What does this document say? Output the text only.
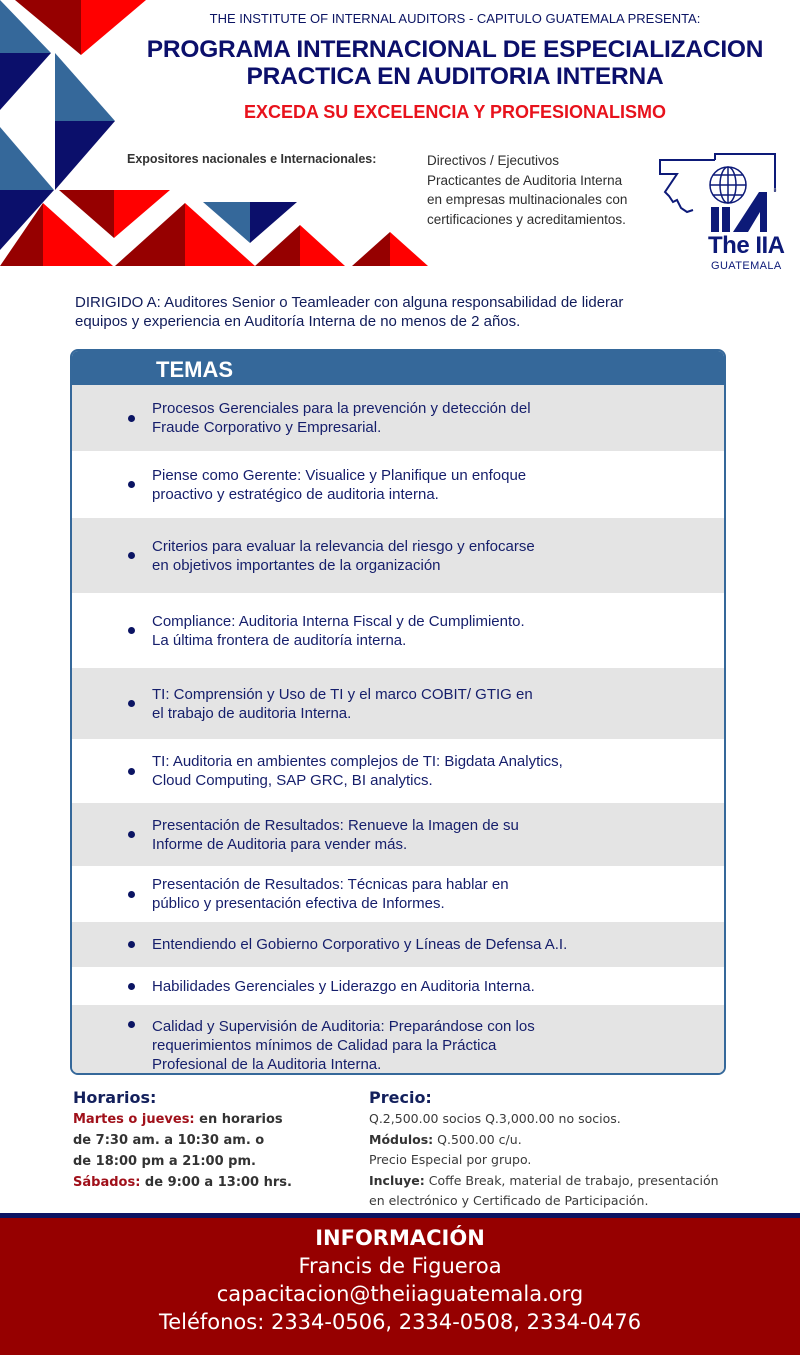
THE INSTITUTE OF INTERNAL AUDITORS - CAPITULO GUATEMALA PRESENTA:
PROGRAMA INTERNACIONAL DE ESPECIALIZACION
PRACTICA EN AUDITORIA INTERNA
EXCEDA SU EXCELENCIA Y PROFESIONALISMO
Expositores nacionales e Internacionales:	Directivos / Ejecutivos
Practicantes de Auditoria Interna
en empresas multinacionales con
certificaciones y acreditamientos.
®
The IIA
GUATEMALA
DIRIGIDO A: Auditores Senior o Teamleader con alguna responsabilidad de liderar
equipos y experiencia en Auditoría Interna de no menos de 2 años.
TEMAS
Procesos Gerenciales para la prevención y detección del
Fraude Corporativo y Empresarial.
Piense como Gerente: Visualice y Planifique un enfoque
proactivo y estratégico de auditoria interna.
Criterios para evaluar la relevancia del riesgo y enfocarse
en objetivos importantes de la organización
Compliance: Auditoria Interna Fiscal y de Cumplimiento.
La última frontera de auditoría interna.
TI: Comprensión y Uso de TI y el marco COBIT/ GTIG en
el trabajo de auditoria Interna.
TI: Auditoria en ambientes complejos de TI: Bigdata Analytics,
Cloud Computing, SAP GRC, BI analytics.
Presentación de Resultados: Renueve la Imagen de su
Informe de Auditoria para vender más.
Presentación de Resultados: Técnicas para hablar en
público y presentación efectiva de Informes.
Entendiendo el Gobierno Corporativo y Líneas de Defensa A.I.
Habilidades Gerenciales y Liderazgo en Auditoria Interna.
Calidad y Supervisión de Auditoria: Preparándose con los
requerimientos mínimos de Calidad para la Práctica
Profesional de la Auditoria Interna.
Horarios:
Martes o jueves: en horarios
de 7:30 am. a 10:30 am. o
de 18:00 pm a 21:00 pm.
Sábados: de 9:00 a 13:00 hrs.
Precio:
Q.2,500.00 socios Q.3,000.00 no socios.
Módulos: Q.500.00 c/u.
Precio Especial por grupo.
Incluye: Coffe Break, material de trabajo, presentación
en electrónico y Certificado de Participación.
INFORMACIÓN
Francis de Figueroa
capacitacion@theiiaguatemala.org
Teléfonos: 2334-0506, 2334-0508, 2334-0476
